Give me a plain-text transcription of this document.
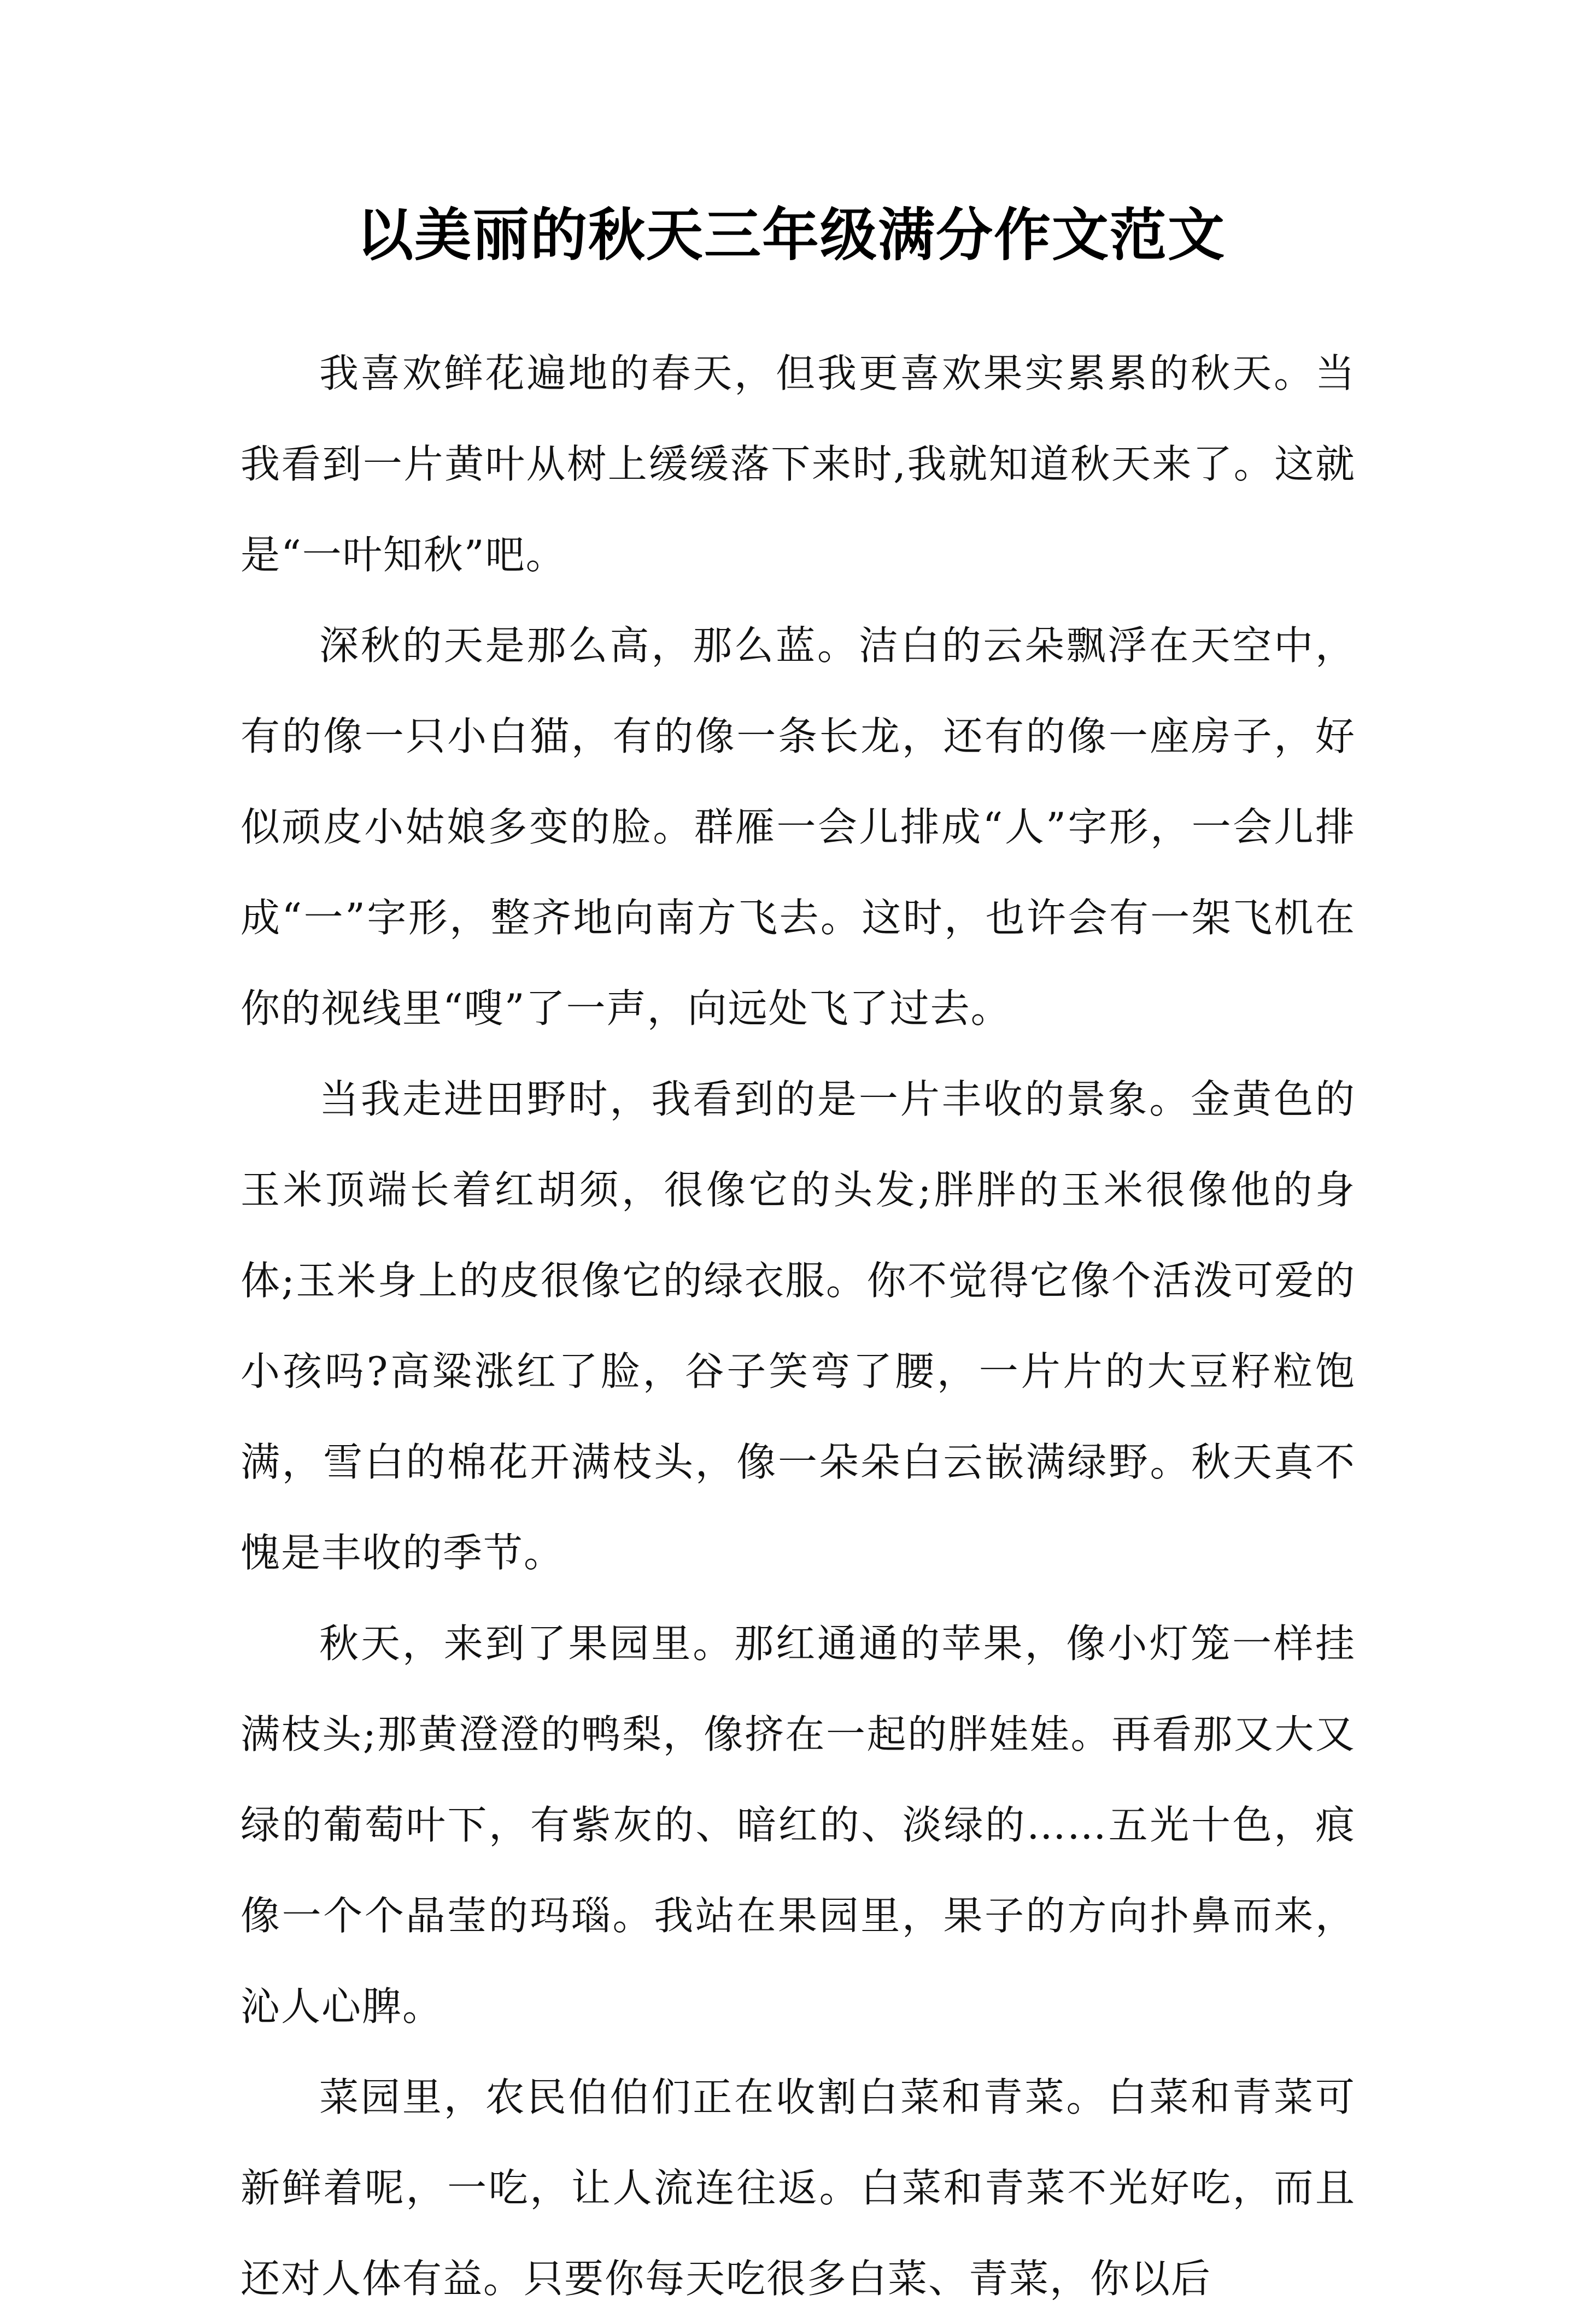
以美丽的秋天三年级满分作文范文

我喜欢鲜花遍地的春天，但我更喜欢果实累累的秋天。当我看到一片黄叶从树上缓缓落下来时,我就知道秋天来了。这就是“一叶知秋”吧。

深秋的天是那么高，那么蓝。洁白的云朵飘浮在天空中，有的像一只小白猫，有的像一条长龙，还有的像一座房子，好似顽皮小姑娘多变的脸。群雁一会儿排成“人”字形，一会儿排成“一”字形，整齐地向南方飞去。这时，也许会有一架飞机在你的视线里“嗖”了一声，向远处飞了过去。

当我走进田野时，我看到的是一片丰收的景象。金黄色的玉米顶端长着红胡须，很像它的头发;胖胖的玉米很像他的身体;玉米身上的皮很像它的绿衣服。你不觉得它像个活泼可爱的小孩吗?高粱涨红了脸，谷子笑弯了腰，一片片的大豆籽粒饱满，雪白的棉花开满枝头，像一朵朵白云嵌满绿野。秋天真不愧是丰收的季节。

秋天，来到了果园里。那红通通的苹果，像小灯笼一样挂满枝头;那黄澄澄的鸭梨，像挤在一起的胖娃娃。再看那又大又绿的葡萄叶下，有紫灰的、暗红的、淡绿的……五光十色，痕像一个个晶莹的玛瑙。我站在果园里，果子的方向扑鼻而来，沁人心脾。

菜园里，农民伯伯们正在收割白菜和青菜。白菜和青菜可新鲜着呢，一吃，让人流连往返。白菜和青菜不光好吃，而且还对人体有益。只要你每天吃很多白菜、青菜，你以后
